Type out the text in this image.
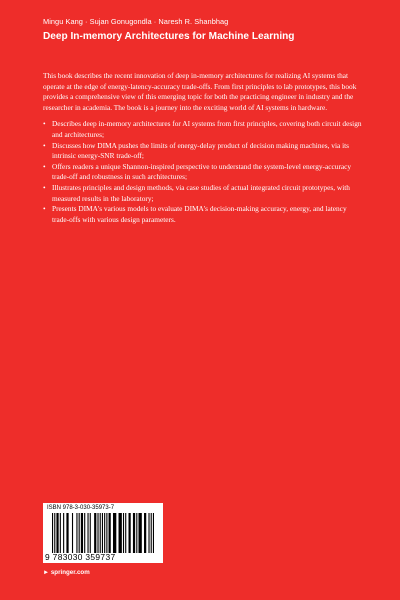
Mingu Kang · Sujan Gonugondla · Naresh R. Shanbhag
Deep In-memory Architectures for Machine Learning

This book describes the recent innovation of deep in-memory architectures for realizing AI systems that operate at the edge of energy-latency-accuracy trade-offs. From first principles to lab prototypes, this book provides a comprehensive view of this emerging topic for both the practicing engineer in industry and the researcher in academia. The book is a journey into the exciting world of AI systems in hardware.

• Describes deep in-memory architectures for AI systems from first principles, covering both circuit design and architectures;
• Discusses how DIMA pushes the limits of energy-delay product of decision making machines, via its intrinsic energy-SNR trade-off;
• Offers readers a unique Shannon-inspired perspective to understand the system-level energy-accuracy trade-off and robustness in such architectures;
• Illustrates principles and design methods, via case studies of actual integrated circuit prototypes, with measured results in the laboratory;
• Presents DIMA's various models to evaluate DIMA's decision-making accuracy, energy, and latency trade-offs with various design parameters.
ISBN 978-3-030-35973-7
9 783030 359737
► springer.com
